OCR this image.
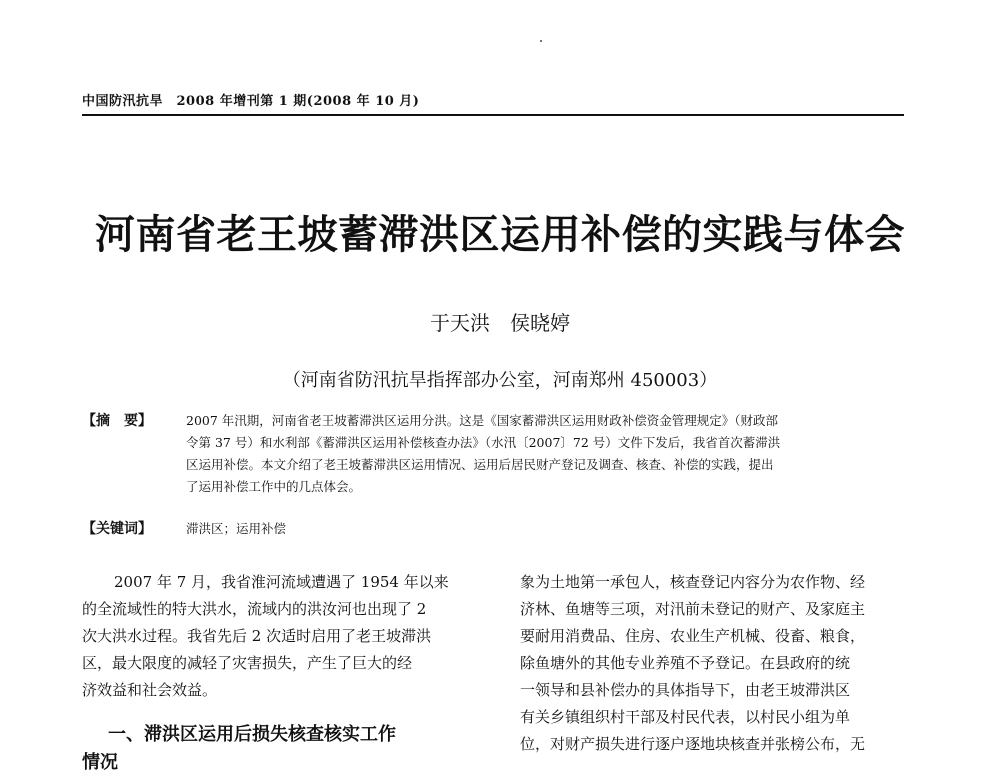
中国防汛抗旱　2008 年增刊第 1 期(2008 年 10 月)
河南省老王坡蓄滞洪区运用补偿的实践与体会
于天洪　侯晓婷
（河南省防汛抗旱指挥部办公室，河南郑州 450003）
【摘　要】	2007 年汛期，河南省老王坡蓄滞洪区运用分洪。这是《国家蓄滞洪区运用财政补偿资金管理规定》（财政部
令第 37 号）和水利部《蓄滞洪区运用补偿核查办法》（水汛〔2007〕72 号）文件下发后，我省首次蓄滞洪
区运用补偿。本文介绍了老王坡蓄滞洪区运用情况、运用后居民财产登记及调查、核查、补偿的实践，提出
了运用补偿工作中的几点体会。
【关键词】	滞洪区；运用补偿
2007 年 7 月，我省淮河流域遭遇了 1954 年以来
的全流域性的特大洪水，流域内的洪汝河也出现了 2
次大洪水过程。我省先后 2 次适时启用了老王坡滞洪
区，最大限度的减轻了灾害损失，产生了巨大的经
济效益和社会效益。
一、滞洪区运用后损失核查核实工作
情况
象为土地第一承包人，核查登记内容分为农作物、经
济林、鱼塘等三项，对汛前未登记的财产、及家庭主
要耐用消费品、住房、农业生产机械、役畜、粮食，
除鱼塘外的其他专业养殖不予登记。在县政府的统
一领导和县补偿办的具体指导下，由老王坡滞洪区
有关乡镇组织村干部及村民代表，以村民小组为单
位，对财产损失进行逐户逐地块核查并张榜公布，无
